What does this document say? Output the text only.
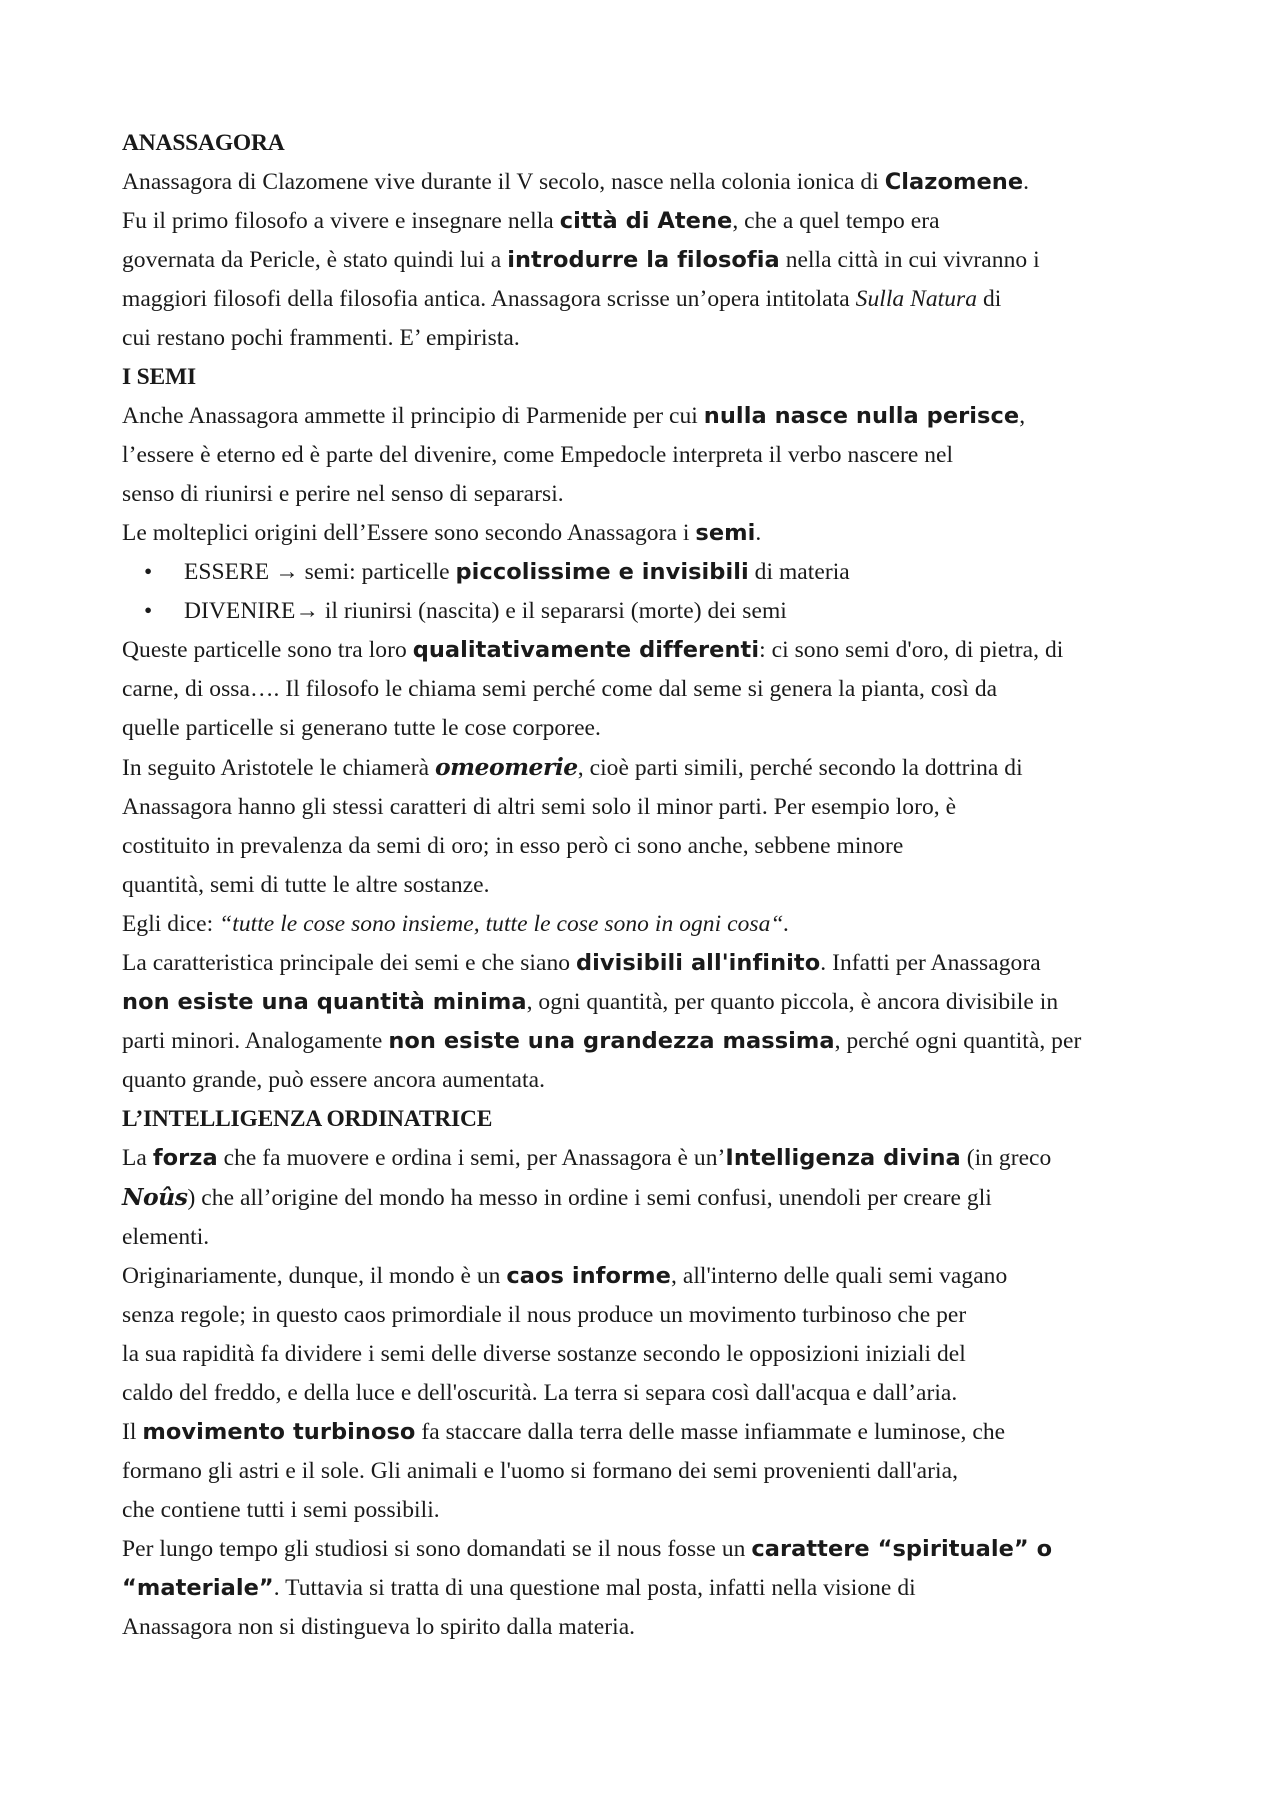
ANASSAGORA

Anassagora di Clazomene vive durante il V secolo, nasce nella colonia ionica di Clazomene.
Fu il primo filosofo a vivere e insegnare nella città di Atene, che a quel tempo era
governata da Pericle, è stato quindi lui a introdurre la filosofia nella città in cui vivranno i
maggiori filosofi della filosofia antica. Anassagora scrisse un’opera intitolata Sulla Natura di
cui restano pochi frammenti. E’ empirista.

I SEMI

Anche Anassagora ammette il principio di Parmenide per cui nulla nasce nulla perisce,
l’essere è eterno ed è parte del divenire, come Empedocle interpreta il verbo nascere nel
senso di riunirsi e perire nel senso di separarsi.

Le molteplici origini dell’Essere sono secondo Anassagora i semi.

• ESSERE → semi: particelle piccolissime e invisibili di materia
• DIVENIRE→ il riunirsi (nascita) e il separarsi (morte) dei semi

Queste particelle sono tra loro qualitativamente differenti: ci sono semi d'oro, di pietra, di
carne, di ossa…. Il filosofo le chiama semi perché come dal seme si genera la pianta, così da
quelle particelle si generano tutte le cose corporee.

In seguito Aristotele le chiamerà omeomerie, cioè parti simili, perché secondo la dottrina di
Anassagora hanno gli stessi caratteri di altri semi solo il minor parti. Per esempio loro, è
costituito in prevalenza da semi di oro; in esso però ci sono anche, sebbene minore
quantità, semi di tutte le altre sostanze.

Egli dice: “tutte le cose sono insieme, tutte le cose sono in ogni cosa“.

La caratteristica principale dei semi e che siano divisibili all'infinito. Infatti per Anassagora
non esiste una quantità minima, ogni quantità, per quanto piccola, è ancora divisibile in
parti minori. Analogamente non esiste una grandezza massima, perché ogni quantità, per
quanto grande, può essere ancora aumentata.

L’INTELLIGENZA ORDINATRICE

La forza che fa muovere e ordina i semi, per Anassagora è un’Intelligenza divina (in greco
Noûs) che all’origine del mondo ha messo in ordine i semi confusi, unendoli per creare gli
elementi.

Originariamente, dunque, il mondo è un caos informe, all'interno delle quali semi vagano
senza regole; in questo caos primordiale il nous produce un movimento turbinoso che per
la sua rapidità fa dividere i semi delle diverse sostanze secondo le opposizioni iniziali del
caldo del freddo, e della luce e dell'oscurità. La terra si separa così dall'acqua e dall’aria.

Il movimento turbinoso fa staccare dalla terra delle masse infiammate e luminose, che
formano gli astri e il sole. Gli animali e l'uomo si formano dei semi provenienti dall'aria,
che contiene tutti i semi possibili.

Per lungo tempo gli studiosi si sono domandati se il nous fosse un carattere “spirituale” o
“materiale”. Tuttavia si tratta di una questione mal posta, infatti nella visione di
Anassagora non si distingueva lo spirito dalla materia.
